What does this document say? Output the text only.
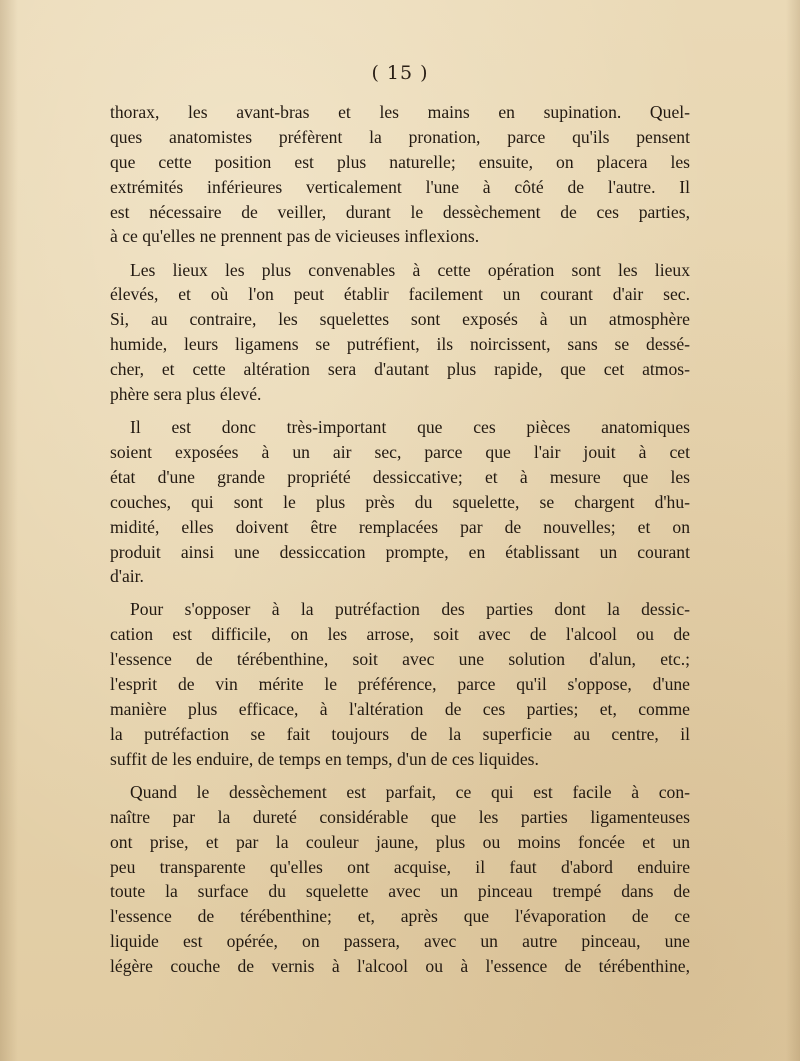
( 15 )
thorax, les avant-bras et les mains en supination. Quel-
ques anatomistes préfèrent la pronation, parce qu'ils pensent
que cette position est plus naturelle; ensuite, on placera les
extrémités inférieures verticalement l'une à côté de l'autre. Il
est nécessaire de veiller, durant le dessèchement de ces parties,
à ce qu'elles ne prennent pas de vicieuses inflexions.
Les lieux les plus convenables à cette opération sont les lieux
élevés, et où l'on peut établir facilement un courant d'air sec.
Si, au contraire, les squelettes sont exposés à un atmosphère
humide, leurs ligamens se putréfient, ils noircissent, sans se dessé-
cher, et cette altération sera d'autant plus rapide, que cet atmos-
phère sera plus élevé.
Il est donc très-important que ces pièces anatomiques
soient exposées à un air sec, parce que l'air jouit à cet
état d'une grande propriété dessiccative; et à mesure que les
couches, qui sont le plus près du squelette, se chargent d'hu-
midité, elles doivent être remplacées par de nouvelles; et on
produit ainsi une dessiccation prompte, en établissant un courant
d'air.
Pour s'opposer à la putréfaction des parties dont la dessic-
cation est difficile, on les arrose, soit avec de l'alcool ou de
l'essence de térébenthine, soit avec une solution d'alun, etc.;
l'esprit de vin mérite le préférence, parce qu'il s'oppose, d'une
manière plus efficace, à l'altération de ces parties; et, comme
la putréfaction se fait toujours de la superficie au centre, il
suffit de les enduire, de temps en temps, d'un de ces liquides.
Quand le dessèchement est parfait, ce qui est facile à con-
naître par la dureté considérable que les parties ligamenteuses
ont prise, et par la couleur jaune, plus ou moins foncée et un
peu transparente qu'elles ont acquise, il faut d'abord enduire
toute la surface du squelette avec un pinceau trempé dans de
l'essence de térébenthine; et, après que l'évaporation de ce
liquide est opérée, on passera, avec un autre pinceau, une
légère couche de vernis à l'alcool ou à l'essence de térébenthine,
